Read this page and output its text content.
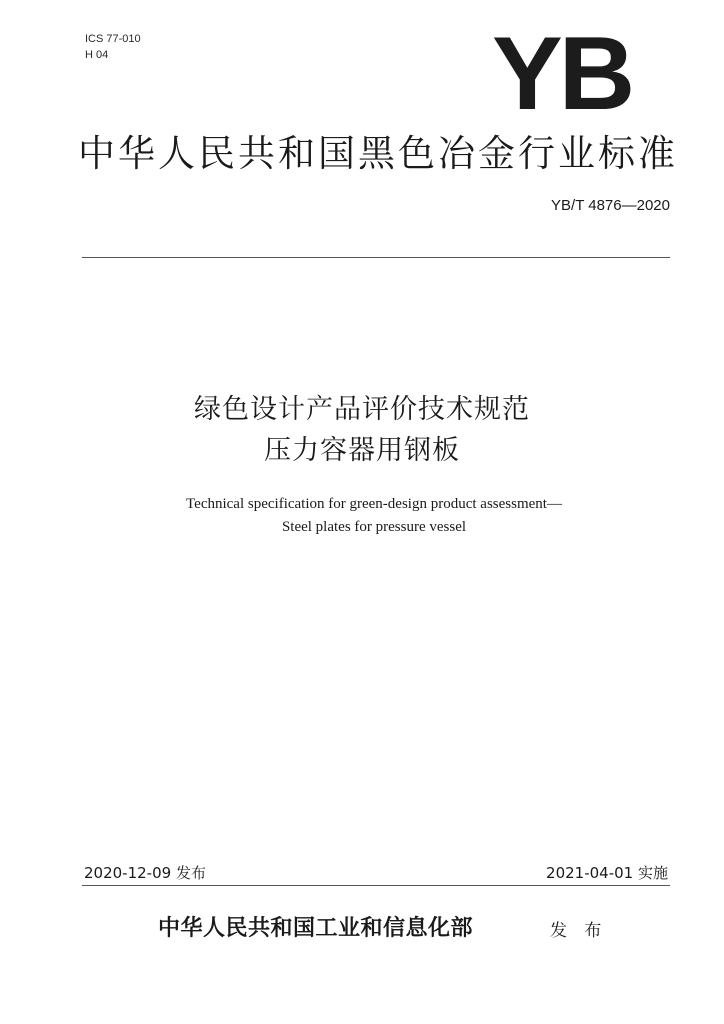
ICS 77-010
H 04	YB
中华人民共和国黑色冶金行业标准
YB/T 4876—2020
绿色设计产品评价技术规范
压力容器用钢板
Technical specification for green-design product assessment—
Steel plates for pressure vessel
2020-12-09 发布	2021-04-01 实施
中华人民共和国工业和信息化部	发 布
